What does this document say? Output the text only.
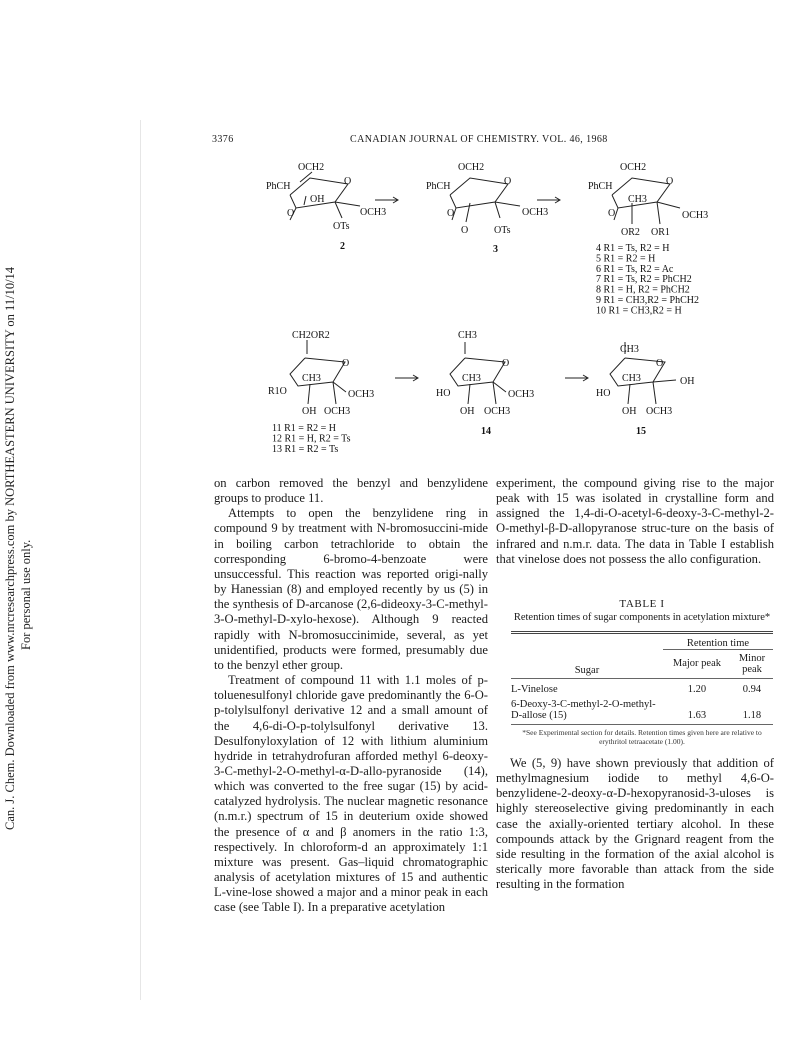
Can. J. Chem. Downloaded from www.nrcresearchpress.com by NORTHEASTERN UNIVERSITY on 11/10/14 For personal use only.
3376	CANADIAN JOURNAL OF CHEMISTRY. VOL. 46, 1968
OCH2
PhCH	O
OH
OCH3
O
OTs
2
OCH2
PhCH	O
OCH3
O
O	OTs
3
OCH2
PhCH	O
CH3
OCH3
O
OR2 OR1
4 R1 = Ts, R2 = H
5 R1 = R2 = H
6 R1 = Ts, R2 = Ac
7 R1 = Ts, R2 = PhCH2
8 R1 = H, R2 = PhCH2
9 R1 = CH3,R2 = PhCH2
10 R1 = CH3,R2 = H
CH2OR2
O
CH3
R1O	OCH3
OH OCH3
11 R1 = R2 = H
12 R1 = H, R2 = Ts
13 R1 = R2 = Ts
CH3
O
CH3
HO	OCH3
OH OCH3
14
CH3
O
CH3	OH
HO
OH OCH3
15

on carbon removed the benzyl and benzylidene groups to produce 11.

Attempts to open the benzylidene ring in compound 9 by treatment with N-bromosuccini-mide in boiling carbon tetrachloride to obtain the corresponding 6-bromo-4-benzoate were unsuccessful. This reaction was reported origi-nally by Hanessian (8) and employed recently by us (5) in the synthesis of D-arcanose (2,6-dideoxy-3-C-methyl-3-O-methyl-D-xylo-hexose). Although 9 reacted rapidly with N-bromosuccinimide, several, as yet unidentified, products were formed, presumably due to the benzyl ether group.

Treatment of compound 11 with 1.1 moles of p-toluenesulfonyl chloride gave predominantly the 6-O-p-tolylsulfonyl derivative 12 and a small amount of the 4,6-di-O-p-tolylsulfonyl derivative 13. Desulfonyloxylation of 12 with lithium aluminium hydride in tetrahydrofuran afforded methyl 6-deoxy-3-C-methyl-2-O-methyl-α-D-allo-pyranoside (14), which was converted to the free sugar (15) by acid-catalyzed hydrolysis. The nuclear magnetic resonance (n.m.r.) spectrum of 15 in deuterium oxide showed the presence of α and β anomers in the ratio 1:3, respectively. In chloroform-d an approximately 1:1 mixture was present. Gas–liquid chromatographic analysis of acetylation mixtures of 15 and authentic L-vine-lose showed a major and a minor peak in each case (see Table I). In a preparative acetylation

experiment, the compound giving rise to the major peak with 15 was isolated in crystalline form and assigned the 1,4-di-O-acetyl-6-deoxy-3-C-methyl-2-O-methyl-β-D-allopyranose struc-ture on the basis of infrared and n.m.r. data. The data in Table I establish that vinelose does not possess the allo configuration.

TABLE I
Retention times of sugar components in acetylation mixture*
	Retention time	
Sugar	Major peak	Minor peak
L-Vinelose	1.20	0.94
6-Deoxy-3-C-methyl-2-O-methyl-D-allose (15)	1.63	1.18
*See Experimental section for details. Retention times given here are relative to erythritol tetraacetate (1.00).

We (5, 9) have shown previously that addition of methylmagnesium iodide to methyl 4,6-O-benzylidene-2-deoxy-α-D-hexopyranosid-3-uloses is highly stereoselective giving predominantly in each case the axially-oriented tertiary alcohol. In these compounds attack by the Grignard reagent from the side resulting in the formation of the axial alcohol is sterically more favorable than attack from the side resulting in the formation
